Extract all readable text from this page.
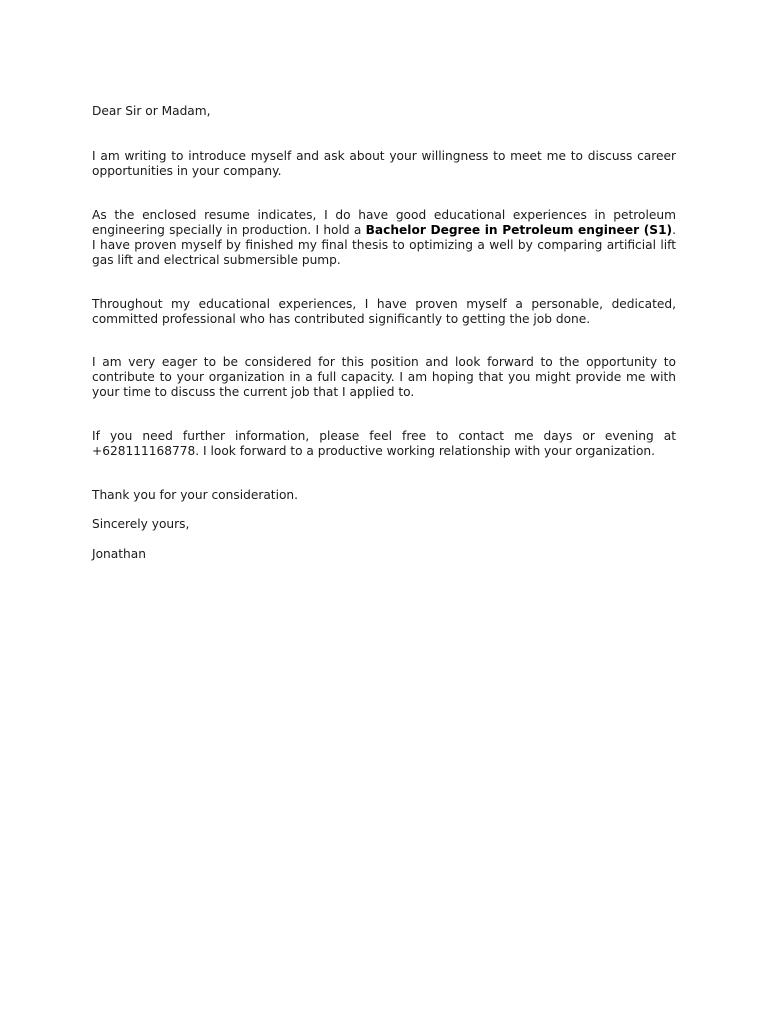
Dear Sir or Madam,

I am writing to introduce myself and ask about your willingness to meet me to discuss career opportunities in your company.

As the enclosed resume indicates, I do have good educational experiences in petroleum engineering specially in production. I hold a Bachelor Degree in Petroleum engineer (S1). I have proven myself by finished my final thesis to optimizing a well by comparing artificial lift gas lift and electrical submersible pump.

Throughout my educational experiences, I have proven myself a personable, dedicated, committed professional who has contributed significantly to getting the job done.

I am very eager to be considered for this position and look forward to the opportunity to contribute to your organization in a full capacity. I am hoping that you might provide me with your time to discuss the current job that I applied to.

If you need further information, please feel free to contact me days or evening at +628111168778. I look forward to a productive working relationship with your organization.

Thank you for your consideration.

Sincerely yours,

Jonathan
